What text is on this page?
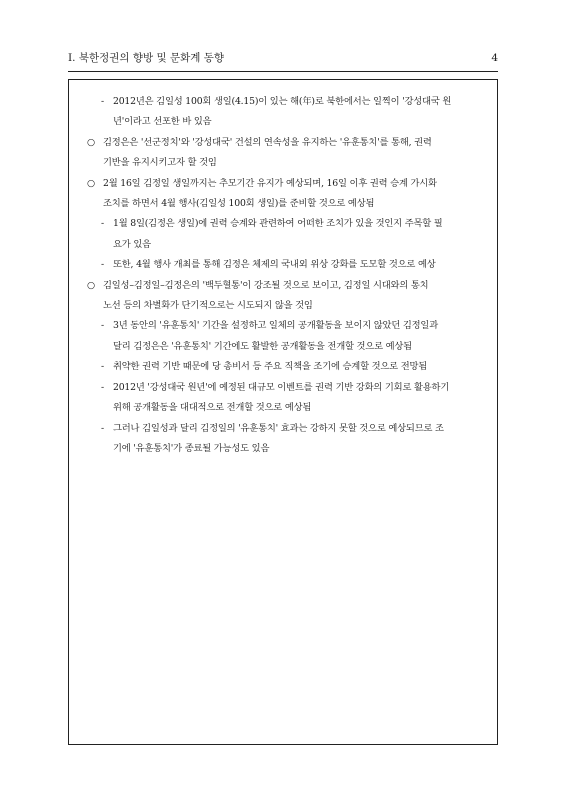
Ⅰ. 북한정권의 향방 및 문화계 동향	4
- 2012년은 김일성 100회 생일(4.15)이 있는 해(年)로 북한에서는 일찍이 '강성대국 원
년'이라고 선포한 바 있음
○ 김정은은 '선군정치'와 '강성대국' 건설의 연속성을 유지하는 '유훈통치'를 통해, 권력
기반을 유지시키고자 할 것임
○ 2월 16일 김정일 생일까지는 추모기간 유지가 예상되며, 16일 이후 권력 승계 가시화
조치를 하면서 4월 행사(김일성 100회 생일)를 준비할 것으로 예상됨
- 1월 8일(김정은 생일)에 권력 승계와 관련하여 어떠한 조치가 있을 것인지 주목할 필
요가 있음
- 또한, 4월 행사 개최를 통해 김정은 체제의 국내외 위상 강화를 도모할 것으로 예상
○ 김일성–김정일–김정은의 '백두혈통'이 강조될 것으로 보이고, 김정일 시대와의 통치
노선 등의 차별화가 단기적으로는 시도되지 않을 것임
- 3년 동안의 '유훈통치' 기간을 설정하고 일체의 공개활동을 보이지 않았던 김정일과
달리 김정은은 '유훈통치' 기간에도 활발한 공개활동을 전개할 것으로 예상됨
- 취약한 권력 기반 때문에 당 총비서 등 주요 직책을 조기에 승계할 것으로 전망됨
- 2012년 '강성대국 원년'에 예정된 대규모 이벤트를 권력 기반 강화의 기회로 활용하기
위해 공개활동을 대대적으로 전개할 것으로 예상됨
- 그러나 김일성과 달리 김정일의 '유훈통치' 효과는 강하지 못할 것으로 예상되므로 조
기에 '유훈통치'가 종료될 가능성도 있음
